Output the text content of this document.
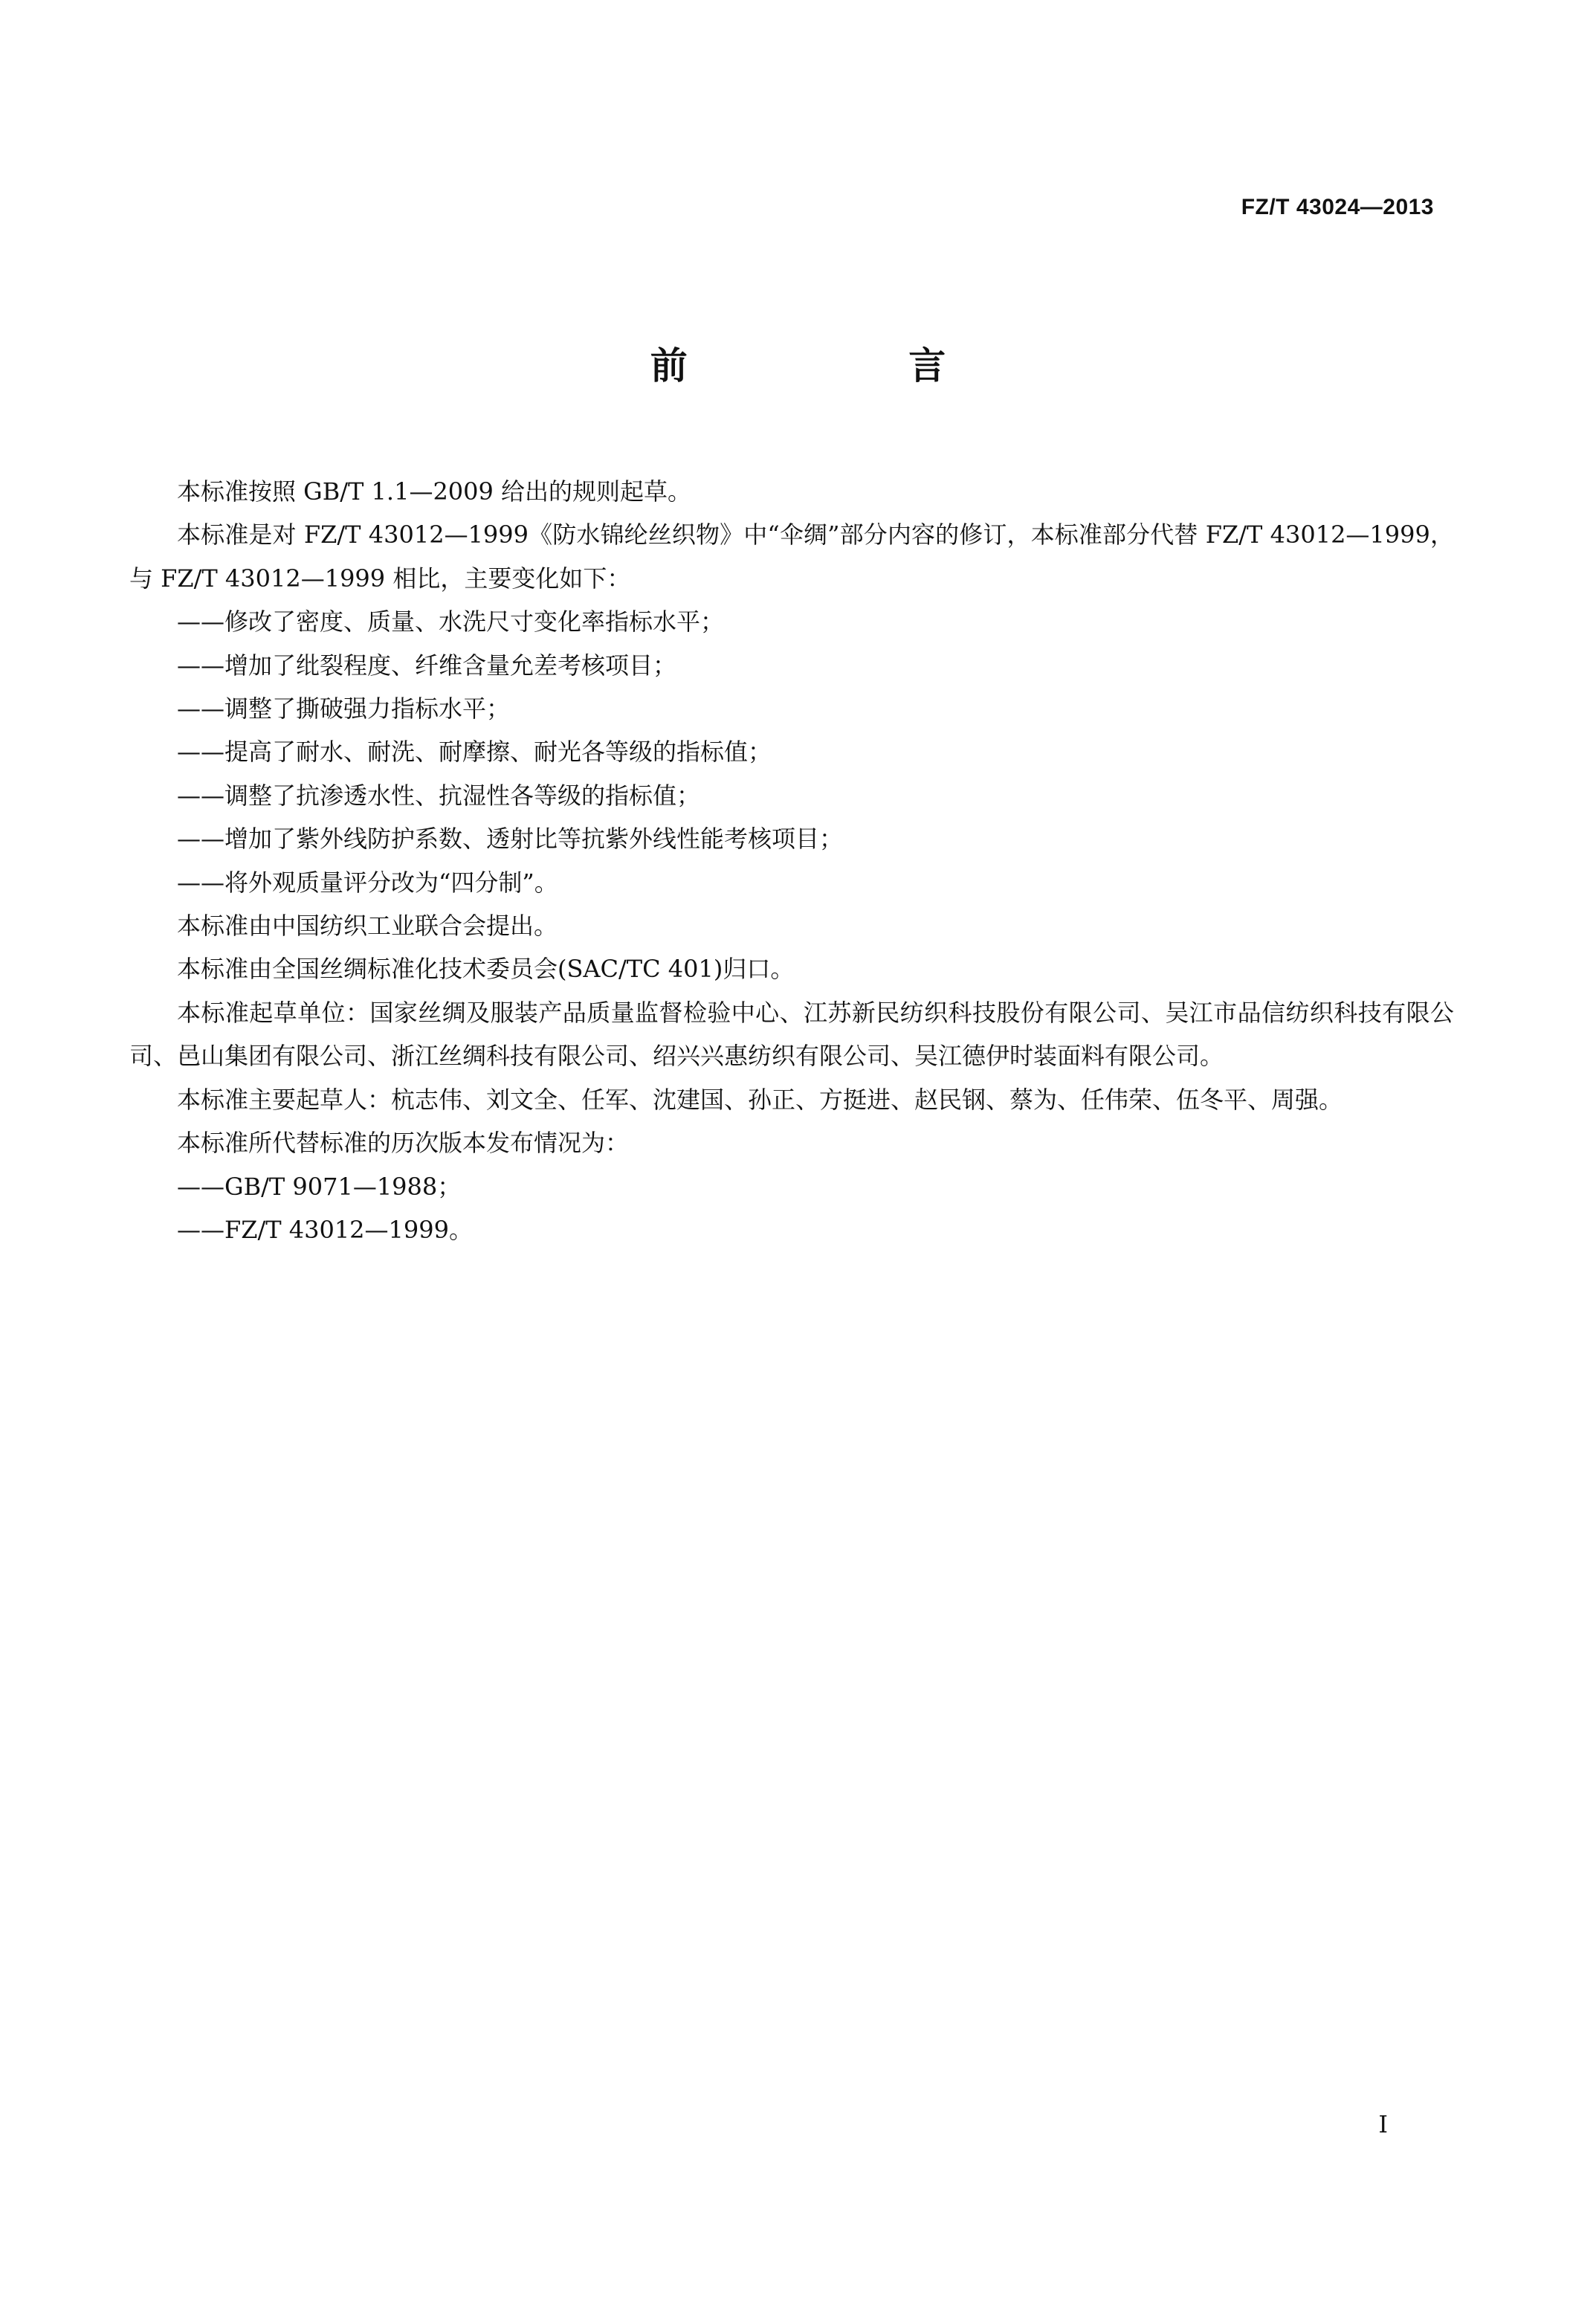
FZ/T 43024—2013
前 言

本标准按照 GB/T 1.1—2009 给出的规则起草。

本标准是对 FZ/T 43012—1999《防水锦纶丝织物》中“伞绸”部分内容的修订，本标准部分代替 FZ/T 43012—1999，与 FZ/T 43012—1999 相比，主要变化如下：

——修改了密度、质量、水洗尺寸变化率指标水平；

——增加了纰裂程度、纤维含量允差考核项目；

——调整了撕破强力指标水平；

——提高了耐水、耐洗、耐摩擦、耐光各等级的指标值；

——调整了抗渗透水性、抗湿性各等级的指标值；

——增加了紫外线防护系数、透射比等抗紫外线性能考核项目；

——将外观质量评分改为“四分制”。

本标准由中国纺织工业联合会提出。

本标准由全国丝绸标准化技术委员会(SAC/TC 401)归口。

本标准起草单位：国家丝绸及服装产品质量监督检验中心、江苏新民纺织科技股份有限公司、吴江市品信纺织科技有限公司、邑山集团有限公司、浙江丝绸科技有限公司、绍兴兴惠纺织有限公司、吴江德伊时装面料有限公司。

本标准主要起草人：杭志伟、刘文全、任军、沈建国、孙正、方挺进、赵民钢、蔡为、任伟荣、伍冬平、周强。

本标准所代替标准的历次版本发布情况为：

——GB/T 9071—1988；

——FZ/T 43012—1999。

I
